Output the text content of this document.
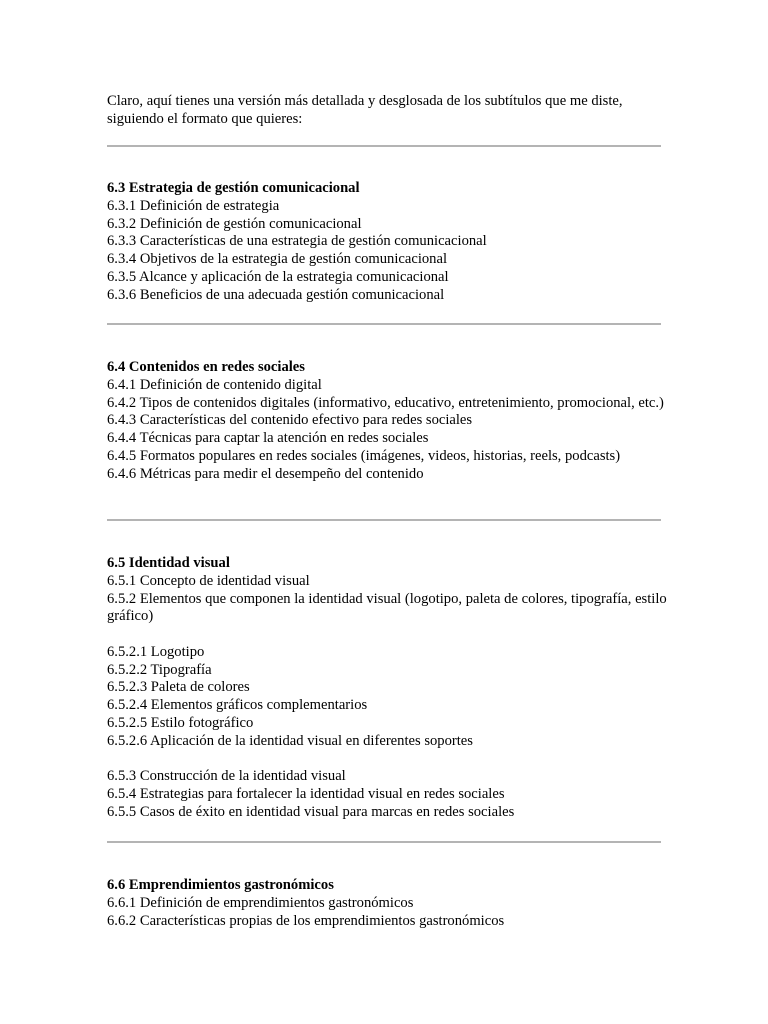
Claro, aquí tienes una versión más detallada y desglosada de los subtítulos que me diste, siguiendo el formato que quieres:
6.3 Estrategia de gestión comunicacional
6.3.1 Definición de estrategia
6.3.2 Definición de gestión comunicacional
6.3.3 Características de una estrategia de gestión comunicacional
6.3.4 Objetivos de la estrategia de gestión comunicacional
6.3.5 Alcance y aplicación de la estrategia comunicacional
6.3.6 Beneficios de una adecuada gestión comunicacional
6.4 Contenidos en redes sociales
6.4.1 Definición de contenido digital
6.4.2 Tipos de contenidos digitales (informativo, educativo, entretenimiento, promocional, etc.)
6.4.3 Características del contenido efectivo para redes sociales
6.4.4 Técnicas para captar la atención en redes sociales
6.4.5 Formatos populares en redes sociales (imágenes, videos, historias, reels, podcasts)
6.4.6 Métricas para medir el desempeño del contenido
6.5 Identidad visual
6.5.1 Concepto de identidad visual
6.5.2 Elementos que componen la identidad visual (logotipo, paleta de colores, tipografía, estilo gráfico)
6.5.2.1 Logotipo
6.5.2.2 Tipografía
6.5.2.3 Paleta de colores
6.5.2.4 Elementos gráficos complementarios
6.5.2.5 Estilo fotográfico
6.5.2.6 Aplicación de la identidad visual en diferentes soportes
6.5.3 Construcción de la identidad visual
6.5.4 Estrategias para fortalecer la identidad visual en redes sociales
6.5.5 Casos de éxito en identidad visual para marcas en redes sociales
6.6 Emprendimientos gastronómicos
6.6.1 Definición de emprendimientos gastronómicos
6.6.2 Características propias de los emprendimientos gastronómicos
